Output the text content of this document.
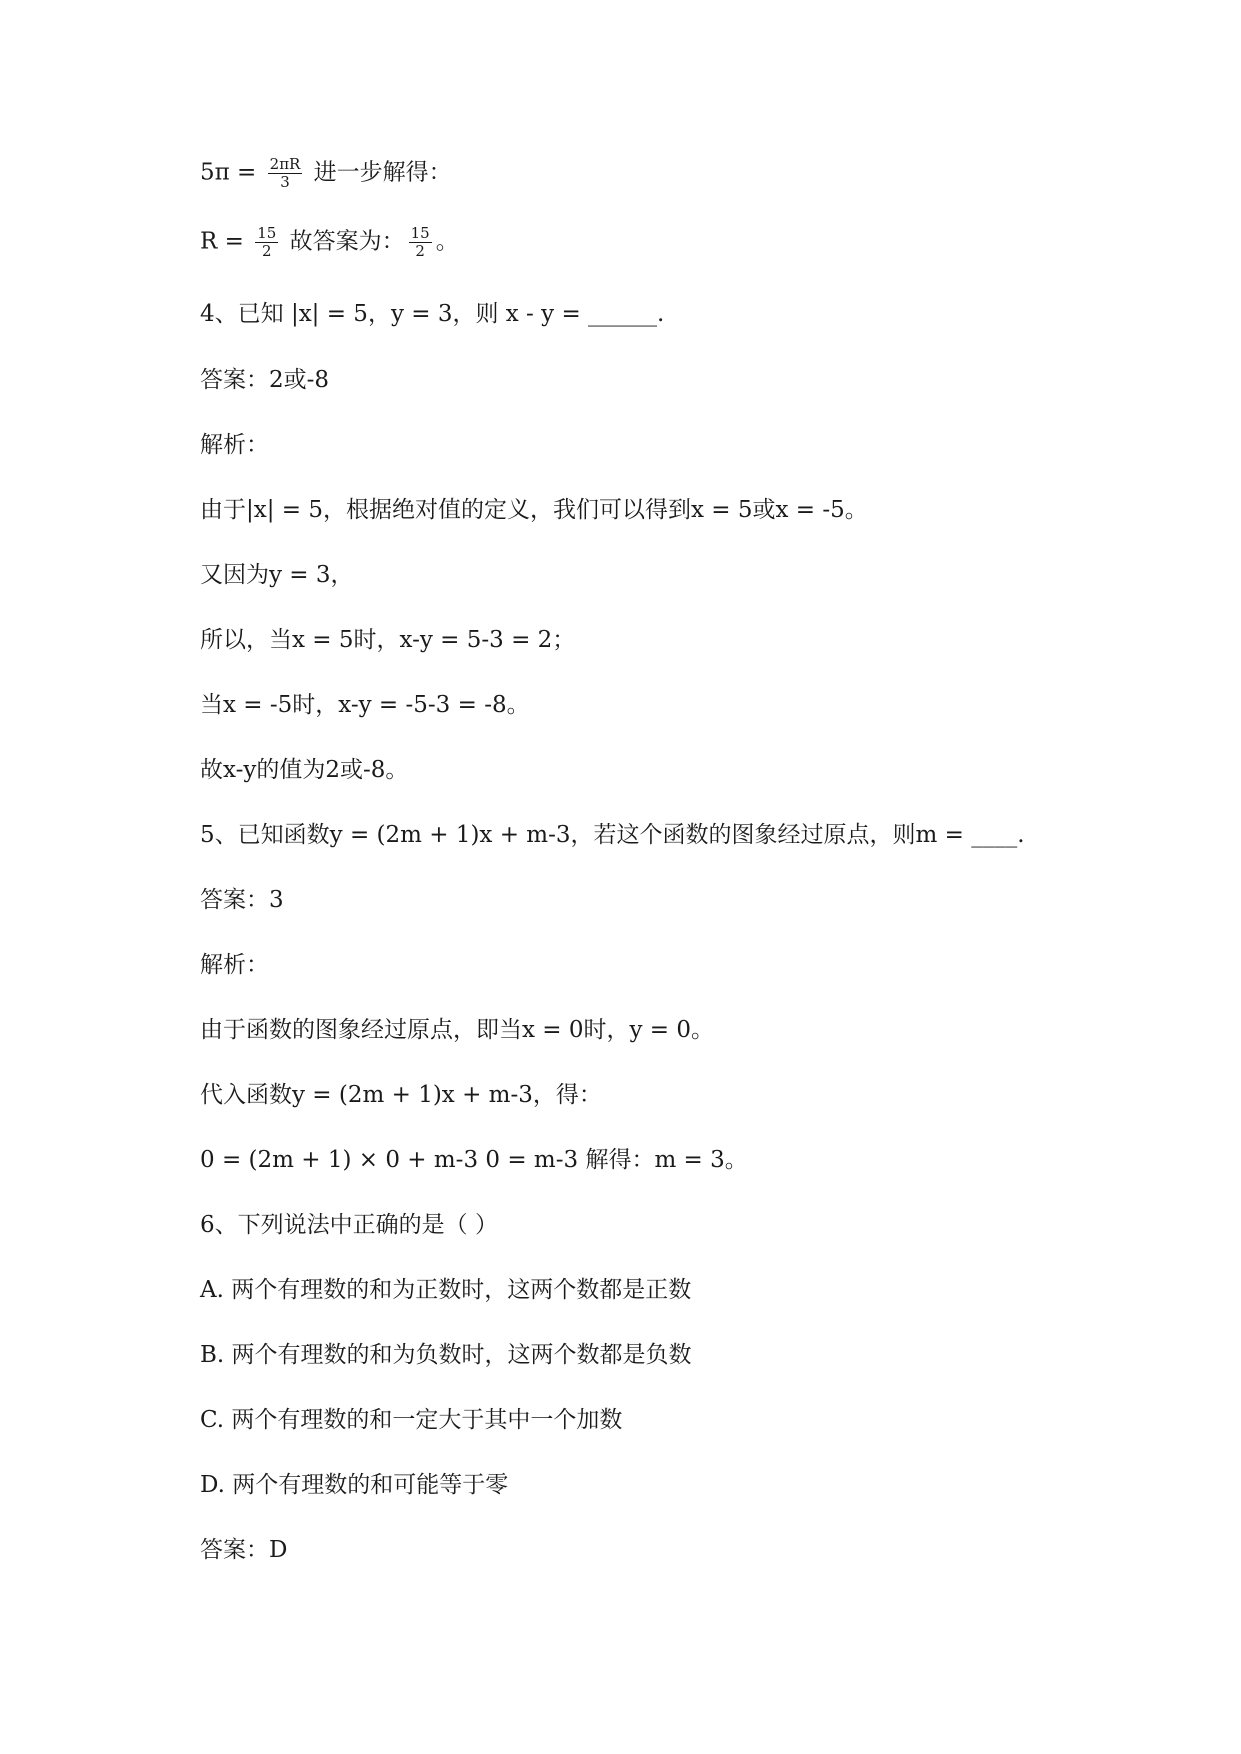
$5\pi = \frac{2\pi R}{3}$ 进一步解得：
$R = \frac{15}{2}$ 故答案为： $\frac{15}{2}$ 。
4、已知 |x| = 5，y = 3，则 x - y = ______.
答案：2或-8
解析：
由于|x| = 5，根据绝对值的定义，我们可以得到x = 5或x = -5。
又因为y = 3，
所以，当x = 5时，x-y = 5-3 = 2；
当x = -5时，x-y = -5-3 = -8。
故x-y的值为2或-8。
5、已知函数y = (2m + 1)x + m-3，若这个函数的图象经过原点，则m = ____.
答案：3
解析：
由于函数的图象经过原点，即当x = 0时，y = 0。
代入函数y = (2m + 1)x + m-3，得：
0 = (2m + 1) × 0 + m-3 0 = m-3 解得：m = 3。
6、下列说法中正确的是（ ）
A. 两个有理数的和为正数时，这两个数都是正数
B. 两个有理数的和为负数时，这两个数都是负数
C. 两个有理数的和一定大于其中一个加数
D. 两个有理数的和可能等于零
答案：D
